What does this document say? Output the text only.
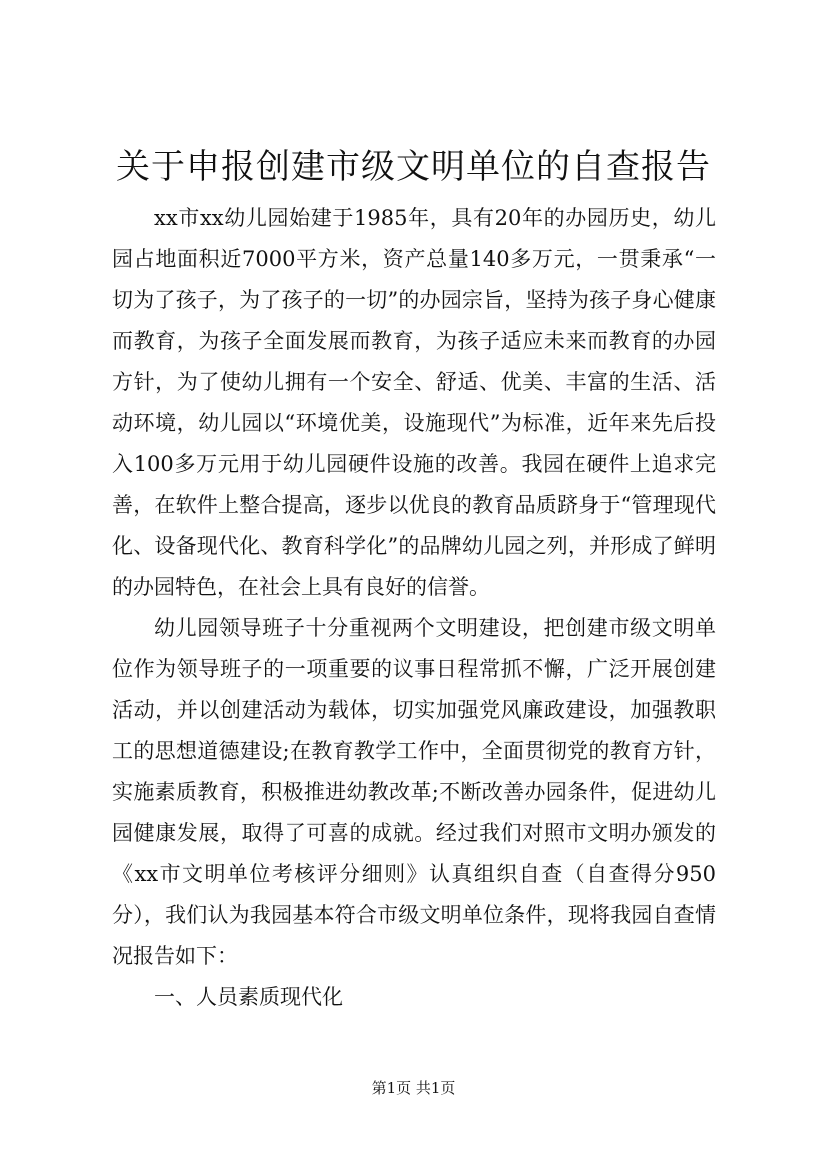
关于申报创建市级文明单位的自查报告

xx市xx幼儿园始建于1985年，具有20年的办园历史，幼儿园占地面积近7000平方米，资产总量140多万元，一贯秉承“一切为了孩子，为了孩子的一切”的办园宗旨，坚持为孩子身心健康而教育，为孩子全面发展而教育，为孩子适应未来而教育的办园方针，为了使幼儿拥有一个安全、舒适、优美、丰富的生活、活动环境，幼儿园以“环境优美，设施现代”为标准，近年来先后投入100多万元用于幼儿园硬件设施的改善。我园在硬件上追求完善，在软件上整合提高，逐步以优良的教育品质跻身于“管理现代化、设备现代化、教育科学化”的品牌幼儿园之列，并形成了鲜明的办园特色，在社会上具有良好的信誉。

幼儿园领导班子十分重视两个文明建设，把创建市级文明单位作为领导班子的一项重要的议事日程常抓不懈，广泛开展创建活动，并以创建活动为载体，切实加强党风廉政建设，加强教职工的思想道德建设;在教育教学工作中，全面贯彻党的教育方针，实施素质教育，积极推进幼教改革;不断改善办园条件，促进幼儿园健康发展，取得了可喜的成就。经过我们对照市文明办颁发的《xx市文明单位考核评分细则》认真组织自查（自查得分950分），我们认为我园基本符合市级文明单位条件，现将我园自查情况报告如下：

一、人员素质现代化

第1页 共1页
